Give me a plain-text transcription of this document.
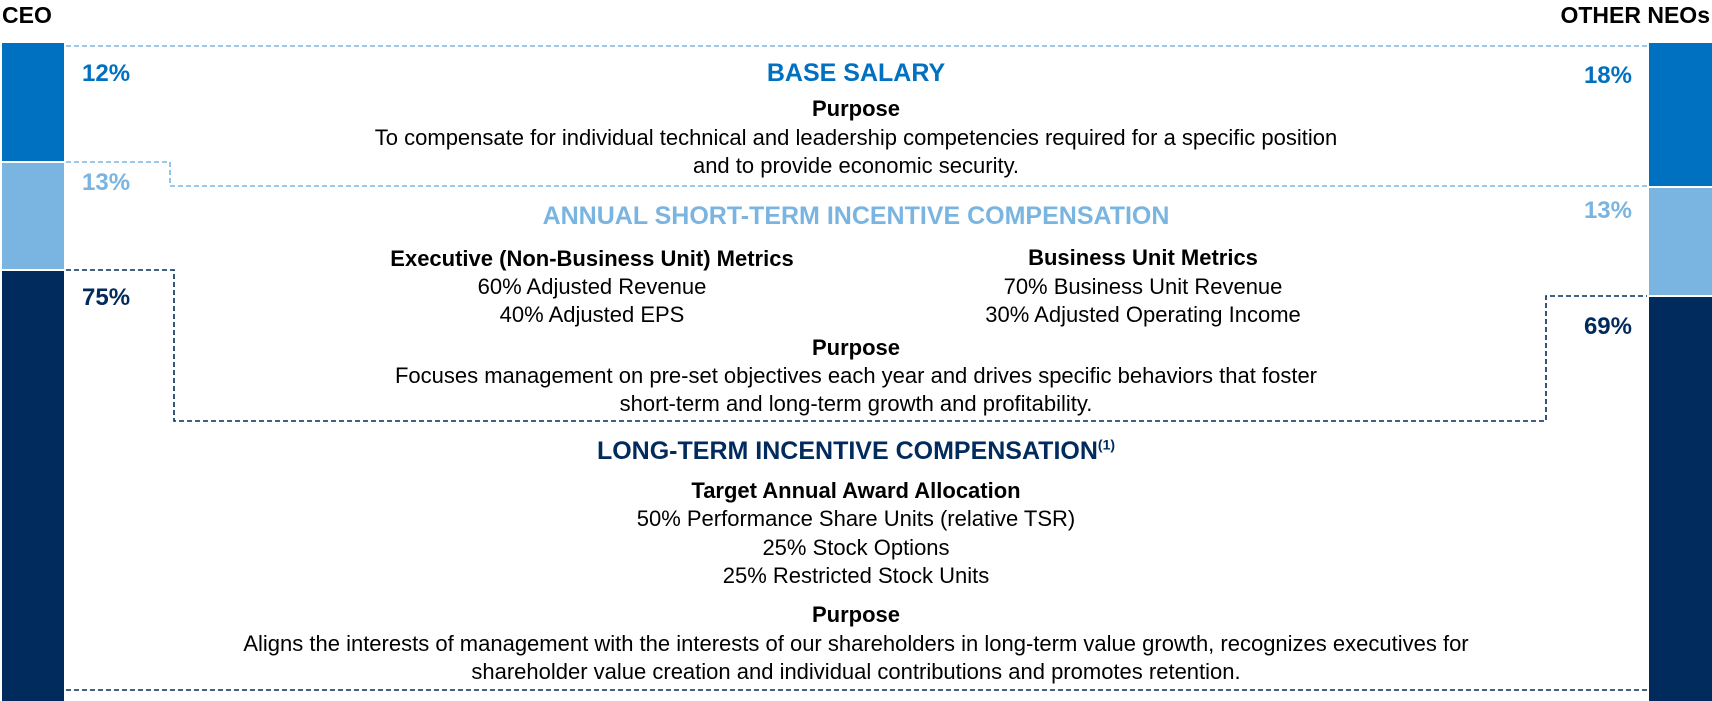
CEO	OTHER NEOs
12%
13%
75%
18%
13%
69%
BASE SALARY
Purpose
To compensate for individual technical and leadership competencies required for a specific position
and to provide economic security.
ANNUAL SHORT-TERM INCENTIVE COMPENSATION
Executive (Non-Business Unit) Metrics
60% Adjusted Revenue
40% Adjusted EPS
Business Unit Metrics
70% Business Unit Revenue
30% Adjusted Operating Income
Purpose
Focuses management on pre-set objectives each year and drives specific behaviors that foster
short-term and long-term growth and profitability.
LONG-TERM INCENTIVE COMPENSATION$^{(1)}$
Target Annual Award Allocation
50% Performance Share Units (relative TSR)
25% Stock Options
25% Restricted Stock Units
Purpose
Aligns the interests of management with the interests of our shareholders in long-term value growth, recognizes executives for
shareholder value creation and individual contributions and promotes retention.
